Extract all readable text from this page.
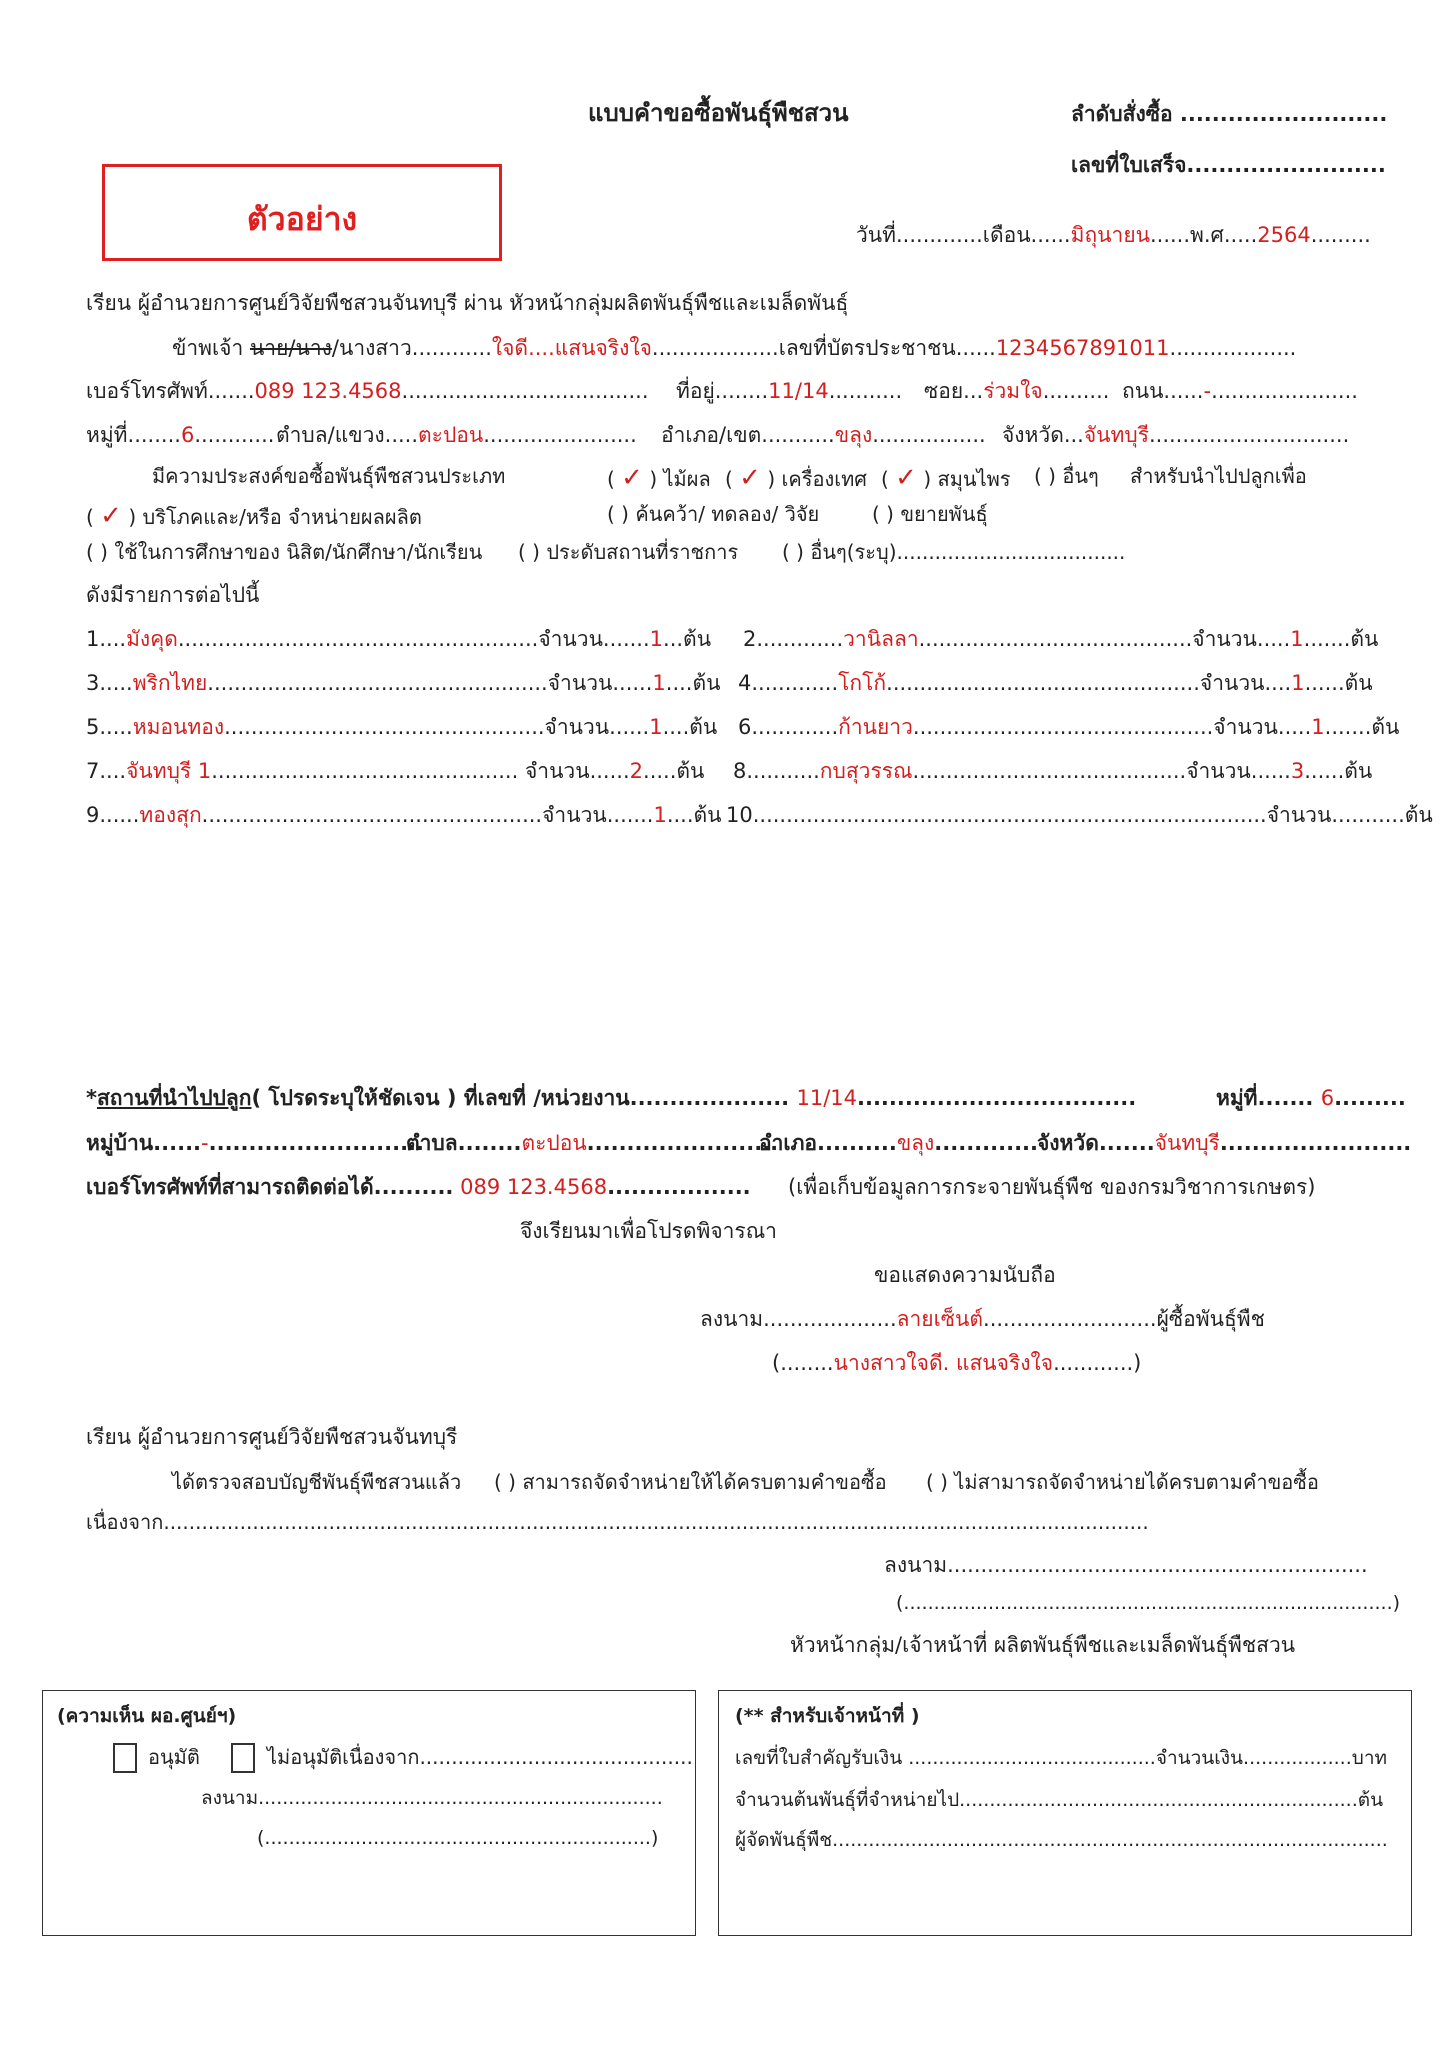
แบบคำขอซื้อพันธุ์พืชสวน	ลำดับสั่งซื้อ ..........................
เลขที่ใบเสร็จ.........................
ตัวอย่าง	วันที่.............เดือน......มิถุนายน......พ.ศ.....2564.........
เรียน ผู้อำนวยการศูนย์วิจัยพืชสวนจันทบุรี ผ่าน หัวหน้ากลุ่มผลิตพันธุ์พืชและเมล็ดพันธุ์
ข้าพเจ้า นาย/นาง/นางสาว............ใจดี....แสนจริงใจ...................เลขที่บัตรประชาชน......1234567891011...................
เบอร์โทรศัพท์.......089 123.4568..................................... ที่อยู่........11/14........... ซอย...ร่วมใจ.......... ถนน......-......................
หมู่ที่........6............ ตำบล/แขวง.....ตะปอน....................... อำเภอ/เขต...........ขลุง................. จังหวัด...จันทบุรี..............................
มีความประสงค์ขอซื้อพันธุ์พืชสวนประเภท	( ✓ ) ไม้ผล ( ✓ ) เครื่องเทศ ( ✓ ) สมุนไพร ( ) อื่นๆ สำหรับนำไปปลูกเพื่อ
( ✓ ) บริโภคและ/หรือ จำหน่ายผลผลิต	( ) ค้นคว้า/ ทดลอง/ วิจัย	( ) ขยายพันธุ์
( ) ใช้ในการศึกษาของ นิสิต/นักศึกษา/นักเรียน ( ) ประดับสถานที่ราชการ ( ) อื่นๆ(ระบุ)....................................
ดังมีรายการต่อไปนี้
1....มังคุด......................................................จำนวน.......1...ต้น 2.............วานิลลา.........................................จำนวน.....1.......ต้น
3.....พริกไทย...................................................จำนวน......1....ต้น 4.............โกโก้...............................................จำนวน....1......ต้น
5.....หมอนทอง................................................จำนวน......1....ต้น 6.............ก้านยาว.............................................จำนวน.....1.......ต้น
7....จันทบุรี 1.............................................. จำนวน......2.....ต้น 8...........กบสุวรรณ.........................................จำนวน......3......ต้น
9......ทองสุก...................................................จำนวน.......1....ต้น 10.............................................................................จำนวน...........ต้น
*สถานที่นำไปปลูก( โปรดระบุให้ชัดเจน ) ที่เลขที่ /หน่วยงาน.................... 11/14...................................	หมู่ที่....... 6.........
หมู่บ้าน......-...........................
ตำบล........ตะปอน........................
อำเภอ..........ขลุง.............
จังหวัด.......จันทบุรี........................
เบอร์โทรศัพท์ที่สามารถติดต่อได้.......... 089 123.4568.................. (เพื่อเก็บข้อมูลการกระจายพันธุ์พืช ของกรมวิชาการเกษตร)
จึงเรียนมาเพื่อโปรดพิจารณา
ขอแสดงความนับถือ
ลงนาม....................ลายเซ็นต์..........................ผู้ซื้อพันธุ์พืช
(........นางสาวใจดี. แสนจริงใจ............)
เรียน ผู้อำนวยการศูนย์วิจัยพืชสวนจันทบุรี
ได้ตรวจสอบบัญชีพันธุ์พืชสวนแล้ว ( ) สามารถจัดจำหน่ายให้ได้ครบตามคำขอซื้อ ( ) ไม่สามารถจัดจำหน่ายได้ครบตามคำขอซื้อ
เนื่องจาก...........................................................................................................................................................
ลงนาม...............................................................
(.................................................................................)
หัวหน้ากลุ่ม/เจ้าหน้าที่ ผลิตพันธุ์พืชและเมล็ดพันธุ์พืชสวน
(ความเห็น ผอ.ศูนย์ฯ)
อนุมัติ	ไม่อนุมัติเนื่องจาก...........................................
ลงนาม...................................................................
(................................................................)
(** สำหรับเจ้าหน้าที่ )
เลขที่ใบสำคัญรับเงิน .........................................จำนวนเงิน..................บาท
จำนวนต้นพันธุ์ที่จำหน่ายไป..................................................................ต้น
ผู้จัดพันธุ์พืช............................................................................................
